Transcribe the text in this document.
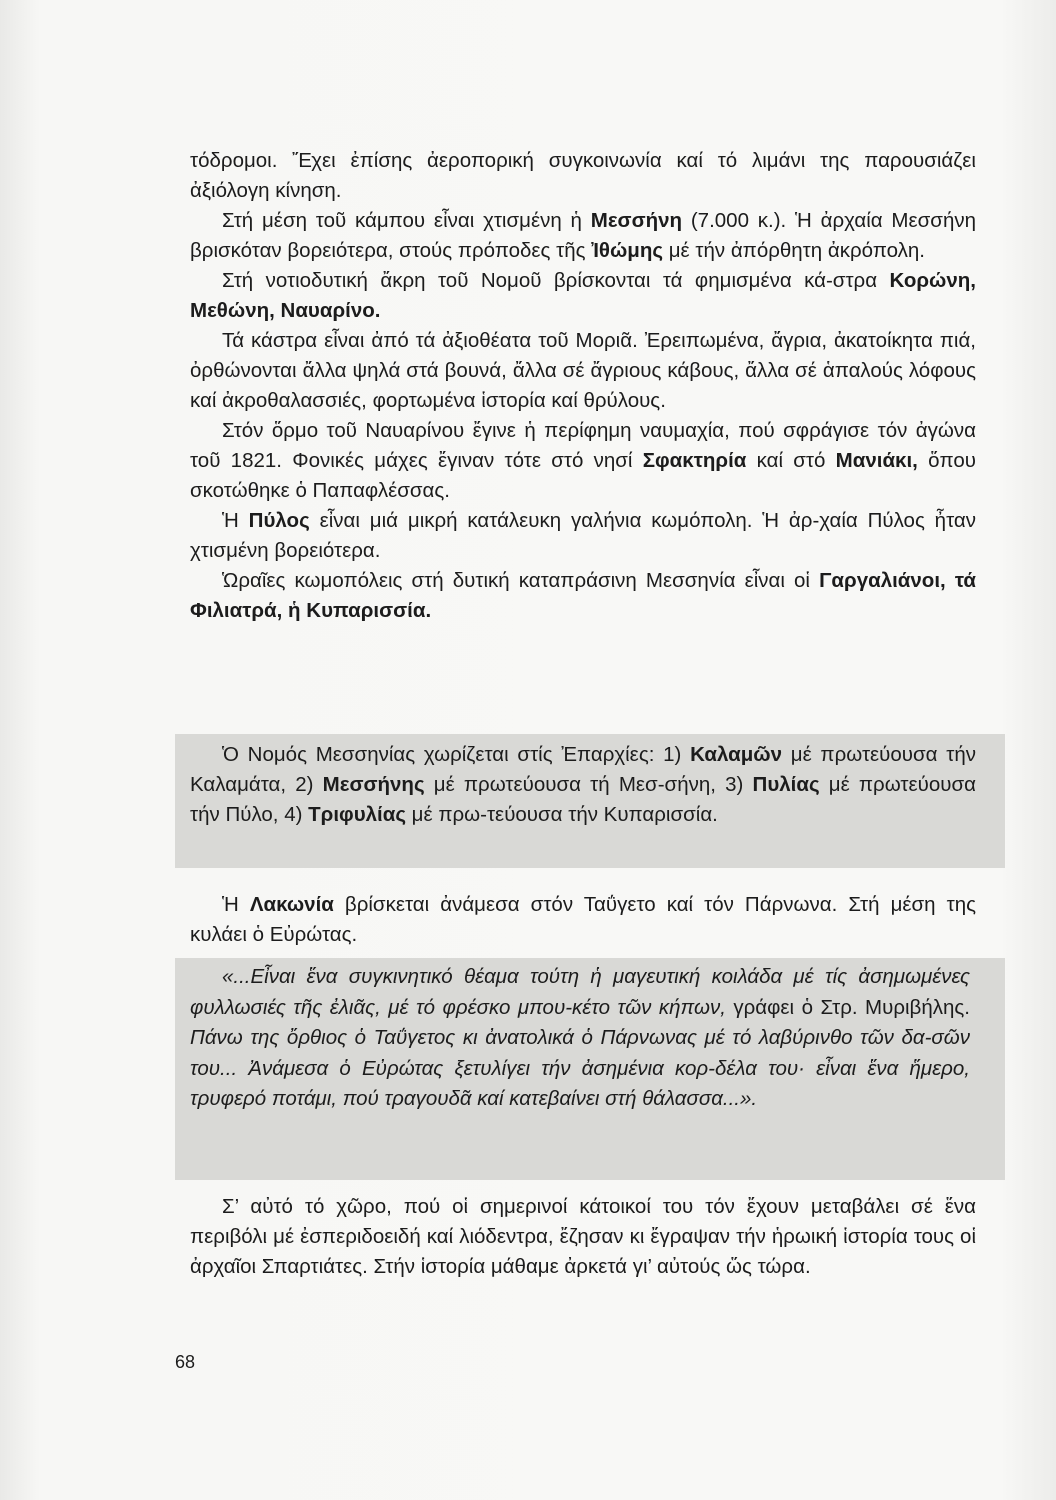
τόδρομοι. Ἔχει ἐπίσης ἀεροπορική συγκοινωνία καί τό λιμάνι της παρουσιάζει ἀξιόλογη κίνηση.

Στή μέση τοῦ κάμπου εἶναι χτισμένη ἡ Μεσσήνη (7.000 κ.). Ἡ ἀρχαία Μεσσήνη βρισκόταν βορειότερα, στούς πρόποδες τῆς Ἰθώμης μέ τήν ἀπόρθητη ἀκρόπολη.

Στή νοτιοδυτική ἄκρη τοῦ Νομοῦ βρίσκονται τά φημισμένα κά-στρα Κορώνη, Μεθώνη, Ναυαρίνο.

Τά κάστρα εἶναι ἀπό τά ἀξιοθέατα τοῦ Μοριᾶ. Ἐρειπωμένα, ἄγρια, ἀκατοίκητα πιά, ὀρθώνονται ἄλλα ψηλά στά βουνά, ἄλλα σέ ἄγριους κάβους, ἄλλα σέ ἁπαλούς λόφους καί ἀκροθαλασσιές, φορτωμένα ἱστορία καί θρύλους.

Στόν ὅρμο τοῦ Ναυαρίνου ἔγινε ἡ περίφημη ναυμαχία, πού σφράγισε τόν ἀγώνα τοῦ 1821. Φονικές μάχες ἔγιναν τότε στό νησί Σφακτηρία καί στό Μανιάκι, ὅπου σκοτώθηκε ὁ Παπαφλέσσας.

Ἡ Πύλος εἶναι μιά μικρή κατάλευκη γαλήνια κωμόπολη. Ἡ ἀρ-χαία Πύλος ἦταν χτισμένη βορειότερα.

Ὡραῖες κωμοπόλεις στή δυτική καταπράσινη Μεσσηνία εἶναι οἱ Γαργαλιάνοι, τά Φιλιατρά, ἡ Κυπαρισσία.

Ὁ Νομός Μεσσηνίας χωρίζεται στίς Ἐπαρχίες: 1) Καλαμῶν μέ πρωτεύουσα τήν Καλαμάτα, 2) Μεσσήνης μέ πρωτεύουσα τή Μεσ-σήνη, 3) Πυλίας μέ πρωτεύουσα τήν Πύλο, 4) Τριφυλίας μέ πρω-τεύουσα τήν Κυπαρισσία.

Ἡ Λακωνία βρίσκεται ἀνάμεσα στόν Ταΰγετο καί τόν Πάρνωνα. Στή μέση της κυλάει ὁ Εὐρώτας.

«...Εἶναι ἕνα συγκινητικό θέαμα τούτη ἡ μαγευτική κοιλάδα μέ τίς ἀσημωμένες φυλλωσιές τῆς ἐλιᾶς, μέ τό φρέσκο μπου-κέτο τῶν κήπων, γράφει ὁ Στρ. Μυριβήλης. Πάνω της ὄρθιος ὁ Ταΰγετος κι ἀνατολικά ὁ Πάρνωνας μέ τό λαβύρινθο τῶν δα-σῶν του... Ἀνάμεσα ὁ Εὐρώτας ξετυλίγει τήν ἀσημένια κορ-δέλα του· εἶναι ἕνα ἥμερο, τρυφερό ποτάμι, πού τραγουδᾶ καί κατεβαίνει στή θάλασσα...».

Σ’ αὐτό τό χῶρο, πού οἱ σημερινοί κάτοικοί του τόν ἔχουν μεταβάλει σέ ἕνα περιβόλι μέ ἐσπεριδοειδή καί λιόδεντρα, ἔζησαν κι ἔγραψαν τήν ἡρωική ἱστορία τους οἱ ἀρχαῖοι Σπαρτιάτες. Στήν ἱστορία μάθαμε ἀρκετά γι’ αὐτούς ὥς τώρα.

68
